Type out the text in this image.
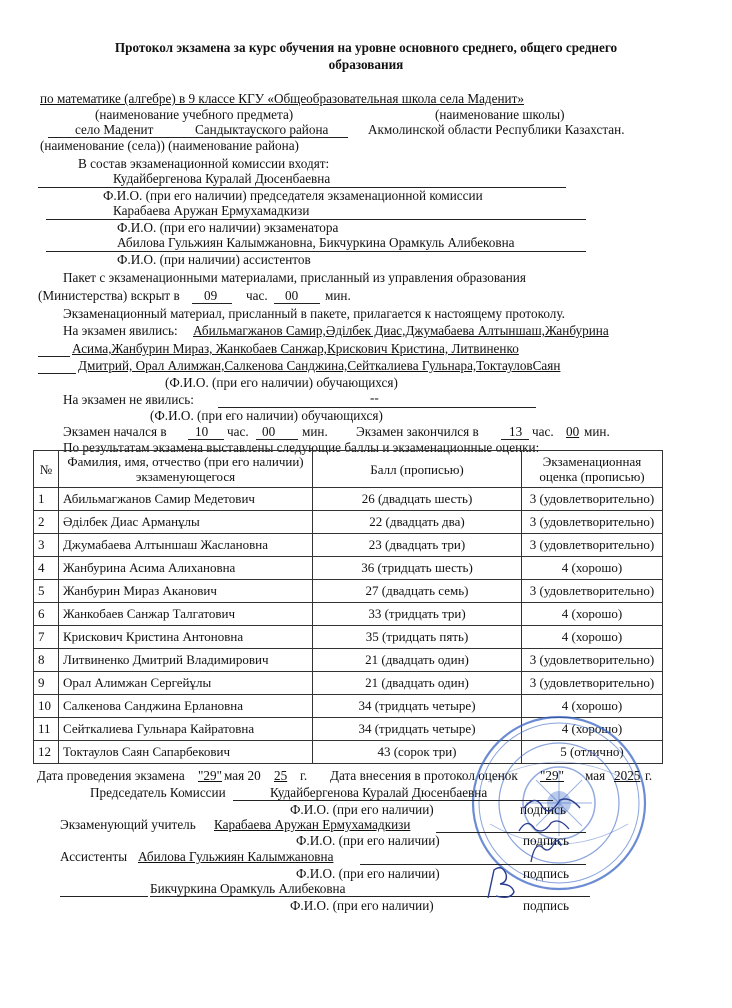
Протокол экзамена за курс обучения на уровне основного среднего, общего среднего
образования
по математике (алгебре) в 9 классе КГУ «Общеобразовательная школа села Маденит»
(наименование учебного предмета)	(наименование школы)
село Маденит	Сандыктауского района	Акмолинской области Республики Казахстан.
(наименование (села)) (наименование района)
В состав экзаменационной комиссии входят:
Кудайбергенова Куралай Дюсенбаевна
Ф.И.О. (при его наличии) председателя экзаменационной комиссии
Карабаева Аружан Ермухамадкизи
Ф.И.О. (при его наличии) экзаменатора
Абилова Гульжиян Калымжановна, Бикчуркина Орамкуль Алибековна
Ф.И.О. (при наличии) ассистентов
Пакет с экзаменационными материалами, присланный из управления образования
(Министерства) вскрыт в 09 час. 00 мин.
Экзаменационный материал, присланный в пакете, прилагается к настоящему протоколу.
На экзамен явились: Абильмагжанов Самир,Әділбек Диас,Джумабаева Алтыншаш,Жанбурина
Асима,Жанбурин Мираз, Жанкобаев Санжар,Крискович Кристина, Литвиненко
Дмитрий, Орал Алимжан,Салкенова Санджина,Сейткалиева Гульнара,ТоктауловСаян
(Ф.И.О. (при его наличии) обучающихся)
На экзамен не явились:	--
(Ф.И.О. (при его наличии) обучающихся)
Экзамен начался в 10 час. 00 мин. Экзамен закончился в 13 час. 00 мин.
По результатам экзамена выставлены следующие баллы и экзаменационные оценки:
№	Фамилия, имя, отчество (при его наличии) экзаменующегося	Балл (прописью)	Экзаменационная оценка (прописью)
1	Абильмагжанов Самир Медетович	26 (двадцать шесть)	3 (удовлетворительно)
2	Әділбек Диас Арманұлы	22 (двадцать два)	3 (удовлетворительно)
3	Джумабаева Алтыншаш Жаслановна	23 (двадцать три)	3 (удовлетворительно)
4	Жанбурина Асима Алихановна	36 (тридцать шесть)	4 (хорошо)
5	Жанбурин Мираз Аканович	27 (двадцать семь)	3 (удовлетворительно)
6	Жанкобаев Санжар Талгатович	33 (тридцать три)	4 (хорошо)
7	Крискович Кристина Антоновна	35 (тридцать пять)	4 (хорошо)
8	Литвиненко Дмитрий Владимирович	21 (двадцать один)	3 (удовлетворительно)
9	Орал Алимжан Сергейұлы	21 (двадцать один)	3 (удовлетворительно)
10	Салкенова Санджина Ерлановна	34 (тридцать четыре)	4 (хорошо)
11	Сейткалиева Гульнара Кайратовна	34 (тридцать четыре)	4 (хорошо)
12	Токтаулов Саян Сапарбекович	43 (сорок три)	5 (отлично)
Дата проведения экзамена "29" мая 20 25 г. Дата внесения в протокол оценок "29" мая 2025 г.
Председатель Комиссии	Кудайбергенова Куралай Дюсенбаевна
Ф.И.О. (при его наличии)	подпись
Экзаменующий учитель Карабаева Аружан Ермухамадкизи
Ф.И.О. (при его наличии)	подпись
Ассистенты Абилова Гульжиян Калымжановна
Ф.И.О. (при его наличии)	подпись
Бикчуркина Орамкуль Алибековна
Ф.И.О. (при его наличии)	подпись
